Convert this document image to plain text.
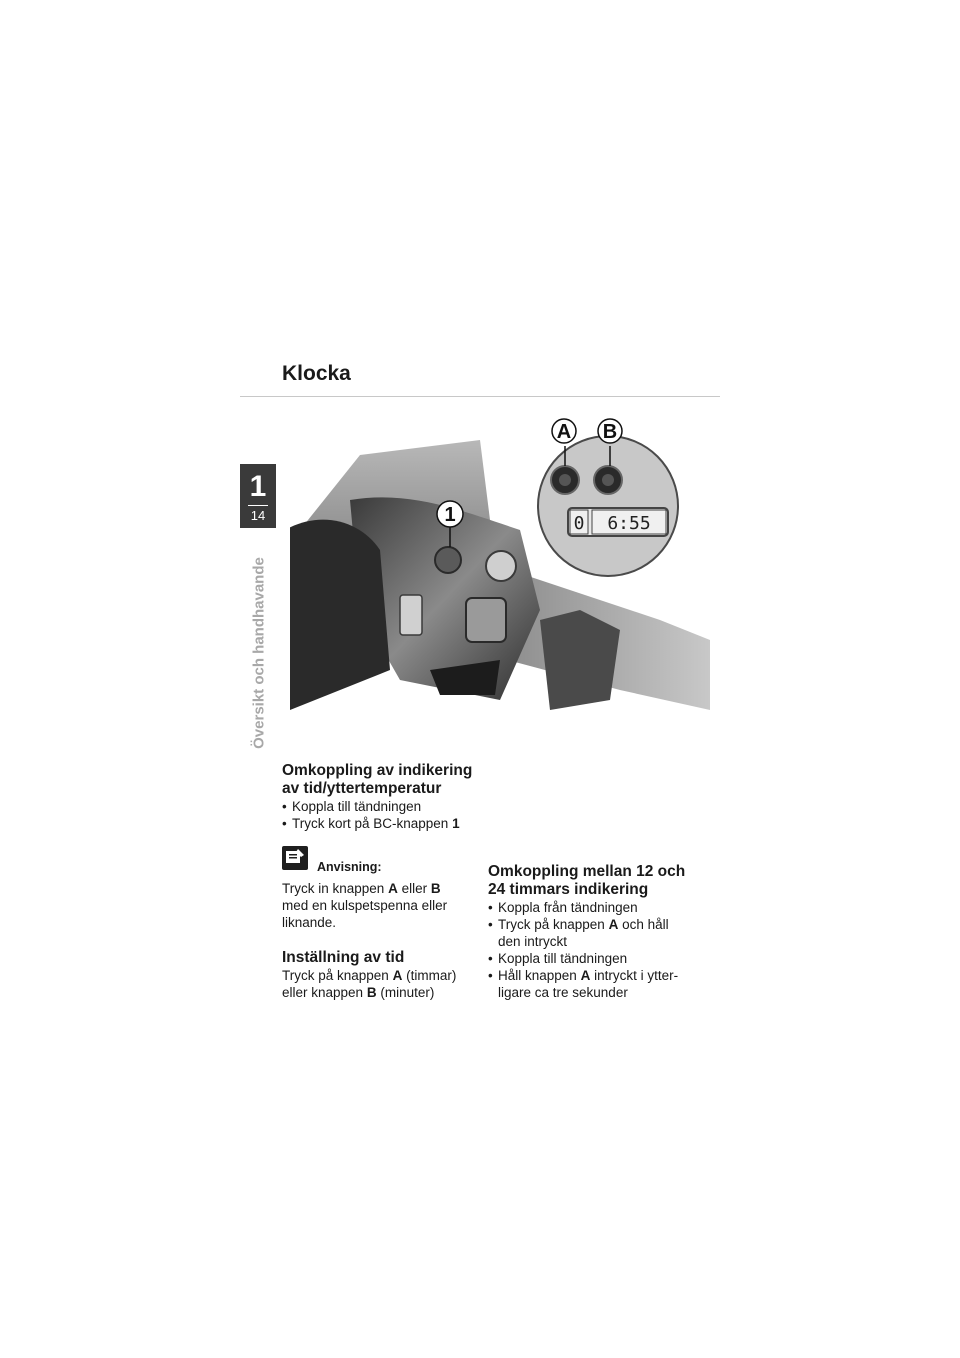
Klocka
1
14
Översikt och handhavande
1	0 6:55
A B
Omkoppling av indikering
av tid/yttertemperatur
• Koppla till tändningen
• Tryck kort på BC-knappen 1
Anvisning:
Tryck in knappen A eller B
med en kulspetspenna eller
liknande.
Inställning av tid
Tryck på knappen A (timmar)
eller knappen B (minuter)
Omkoppling mellan 12 och
24 timmars indikering
• Koppla från tändningen
• Tryck på knappen A och håll
den intryckt
• Koppla till tändningen
• Håll knappen A intryckt i ytter-
ligare ca tre sekunder
